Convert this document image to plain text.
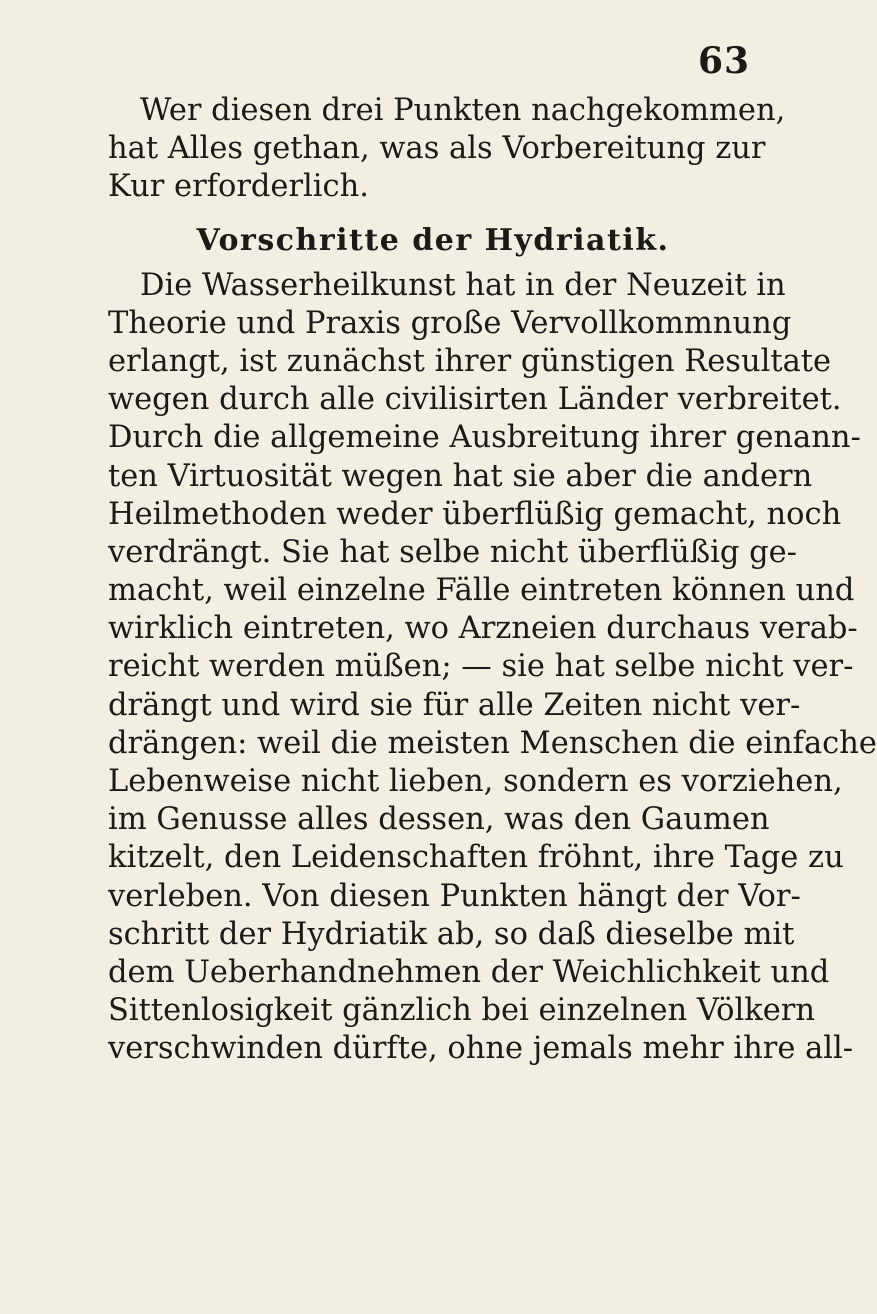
63
Wer diesen drei Punkten nachgekommen,
hat Alles gethan, was als Vorbereitung zur
Kur erforderlich.
Vorschritte der Hydriatik.
Die Wasserheilkunst hat in der Neuzeit in
Theorie und Praxis große Vervollkommnung
erlangt, ist zunächst ihrer günstigen Resultate
wegen durch alle civilisirten Länder verbreitet.
Durch die allgemeine Ausbreitung ihrer genann-
ten Virtuosität wegen hat sie aber die andern
Heilmethoden weder überflüßig gemacht, noch
verdrängt. Sie hat selbe nicht überflüßig ge-
macht, weil einzelne Fälle eintreten können und
wirklich eintreten, wo Arzneien durchaus verab-
reicht werden müßen; — sie hat selbe nicht ver-
drängt und wird sie für alle Zeiten nicht ver-
drängen: weil die meisten Menschen die einfache
Lebenweise nicht lieben, sondern es vorziehen,
im Genusse alles dessen, was den Gaumen
kitzelt, den Leidenschaften fröhnt, ihre Tage zu
verleben. Von diesen Punkten hängt der Vor-
schritt der Hydriatik ab, so daß dieselbe mit
dem Ueberhandnehmen der Weichlichkeit und
Sittenlosigkeit gänzlich bei einzelnen Völkern
verschwinden dürfte, ohne jemals mehr ihre all-
